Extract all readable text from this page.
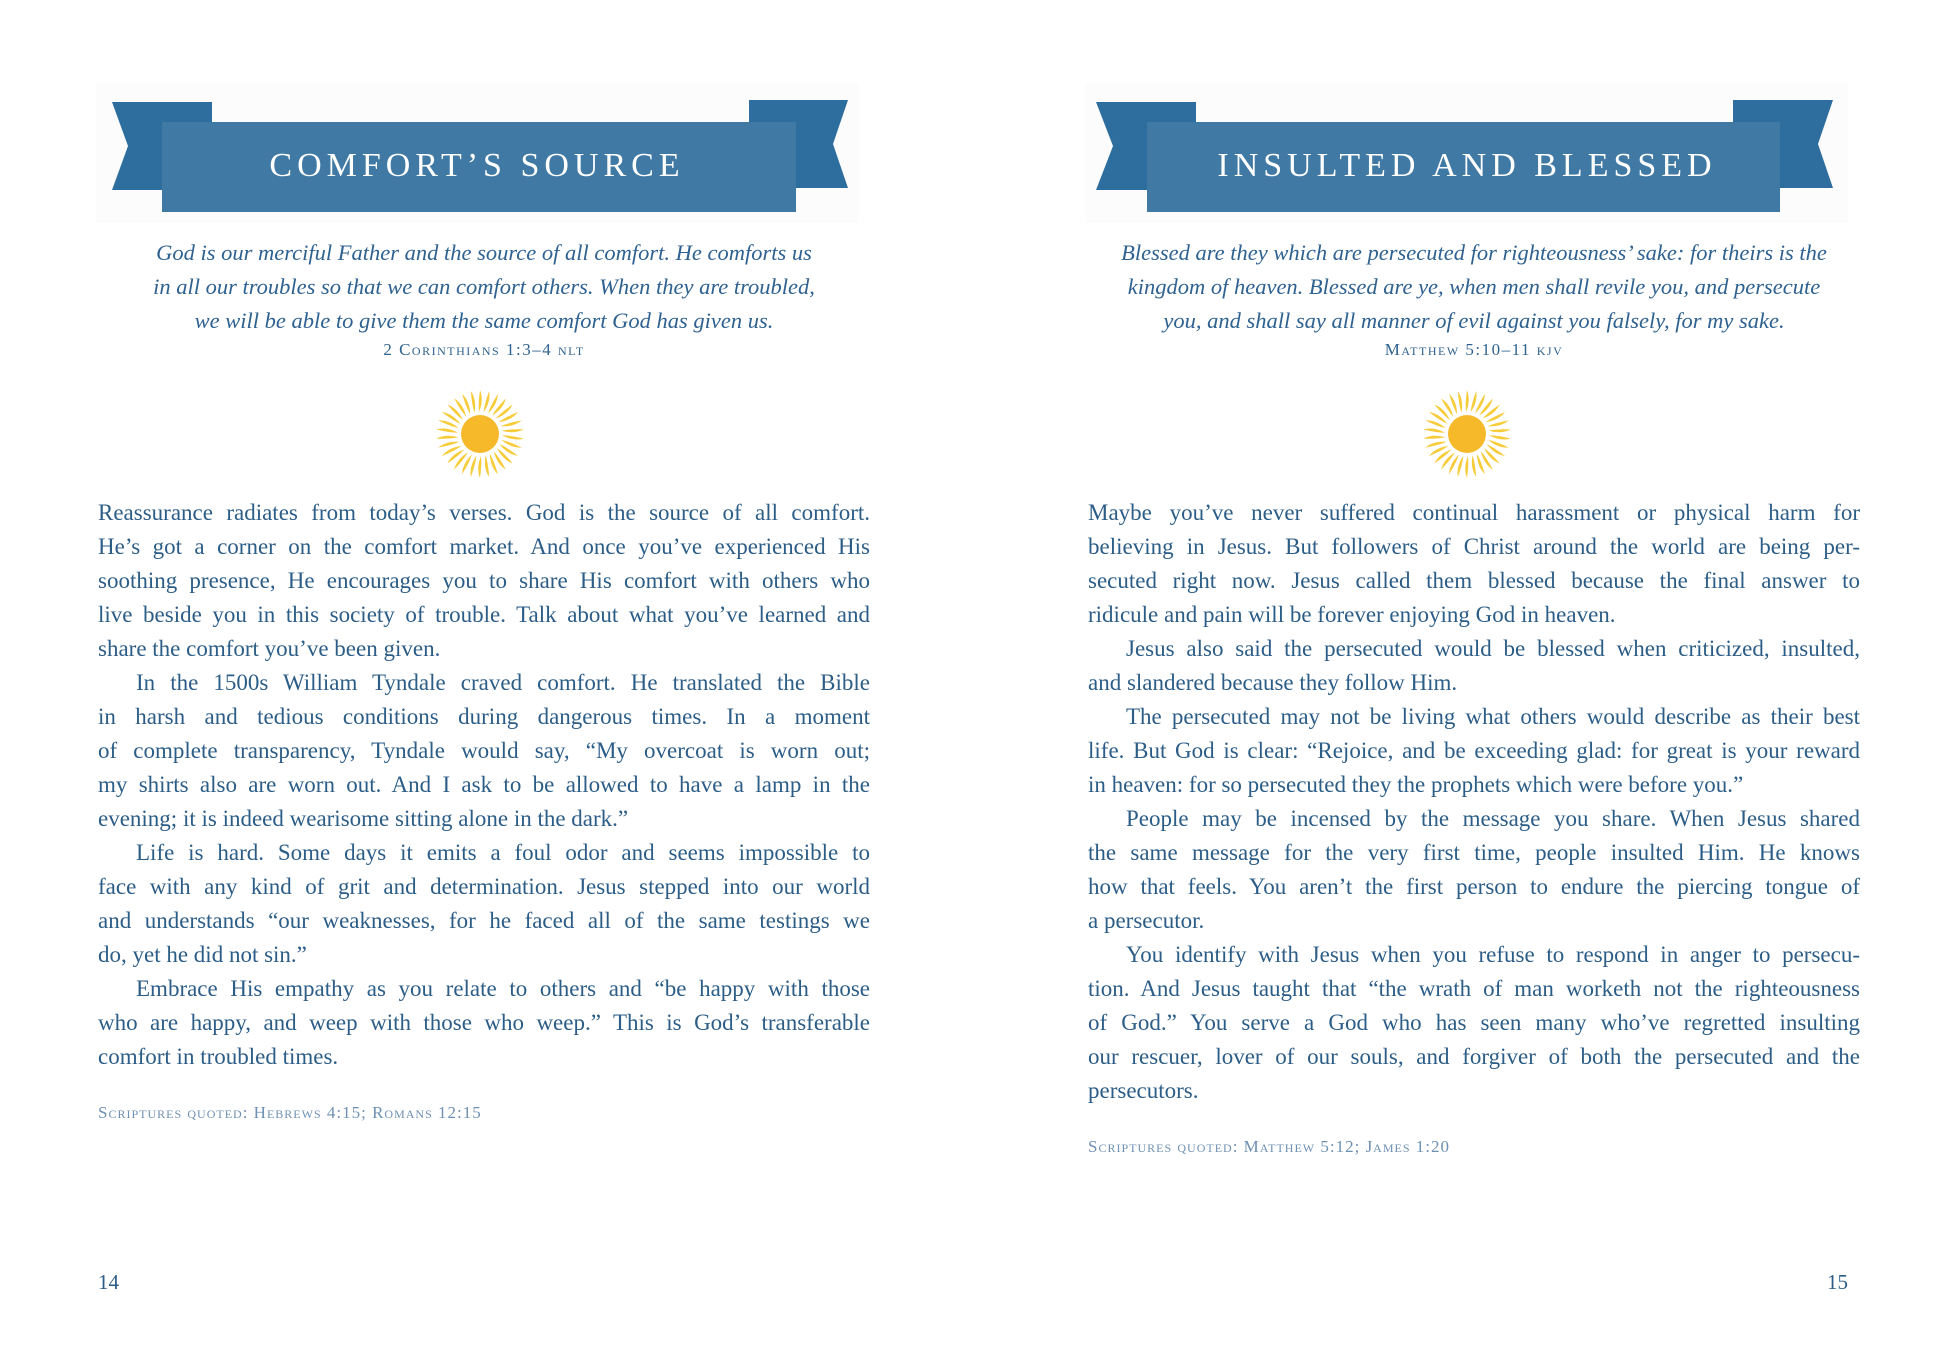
COMFORT’S SOURCE
God is our merciful Father and the source of all comfort. He comforts us
in all our troubles so that we can comfort others. When they are troubled,
we will be able to give them the same comfort God has given us.
2 Corinthians 1:3–4 nlt

Reassurance radiates from today’s verses. God is the source of all comfort.
He’s got a corner on the comfort market. And once you’ve experienced His
soothing presence, He encourages you to share His comfort with others who
live beside you in this society of trouble. Talk about what you’ve learned and
share the comfort you’ve been given.

In the 1500s William Tyndale craved comfort. He translated the Bible
in harsh and tedious conditions during dangerous times. In a moment
of complete transparency, Tyndale would say, “My overcoat is worn out;
my shirts also are worn out. And I ask to be allowed to have a lamp in the
evening; it is indeed wearisome sitting alone in the dark.”

Life is hard. Some days it emits a foul odor and seems impossible to
face with any kind of grit and determination. Jesus stepped into our world
and understands “our weaknesses, for he faced all of the same testings we
do, yet he did not sin.”

Embrace His empathy as you relate to others and “be happy with those
who are happy, and weep with those who weep.” This is God’s transferable
comfort in troubled times.

Scriptures quoted: Hebrews 4:15; Romans 12:15
14
INSULTED AND BLESSED
Blessed are they which are persecuted for righteousness’ sake: for theirs is the
kingdom of heaven. Blessed are ye, when men shall revile you, and persecute
you, and shall say all manner of evil against you falsely, for my sake.
Matthew 5:10–11 kjv

Maybe you’ve never suffered continual harassment or physical harm for
believing in Jesus. But followers of Christ around the world are being per-
secuted right now. Jesus called them blessed because the final answer to
ridicule and pain will be forever enjoying God in heaven.

Jesus also said the persecuted would be blessed when criticized, insulted,
and slandered because they follow Him.

The persecuted may not be living what others would describe as their best
life. But God is clear: “Rejoice, and be exceeding glad: for great is your reward
in heaven: for so persecuted they the prophets which were before you.”

People may be incensed by the message you share. When Jesus shared
the same message for the very first time, people insulted Him. He knows
how that feels. You aren’t the first person to endure the piercing tongue of
a persecutor.

You identify with Jesus when you refuse to respond in anger to persecu-
tion. And Jesus taught that “the wrath of man worketh not the righteousness
of God.” You serve a God who has seen many who’ve regretted insulting
our rescuer, lover of our souls, and forgiver of both the persecuted and the
persecutors.

Scriptures quoted: Matthew 5:12; James 1:20
15
